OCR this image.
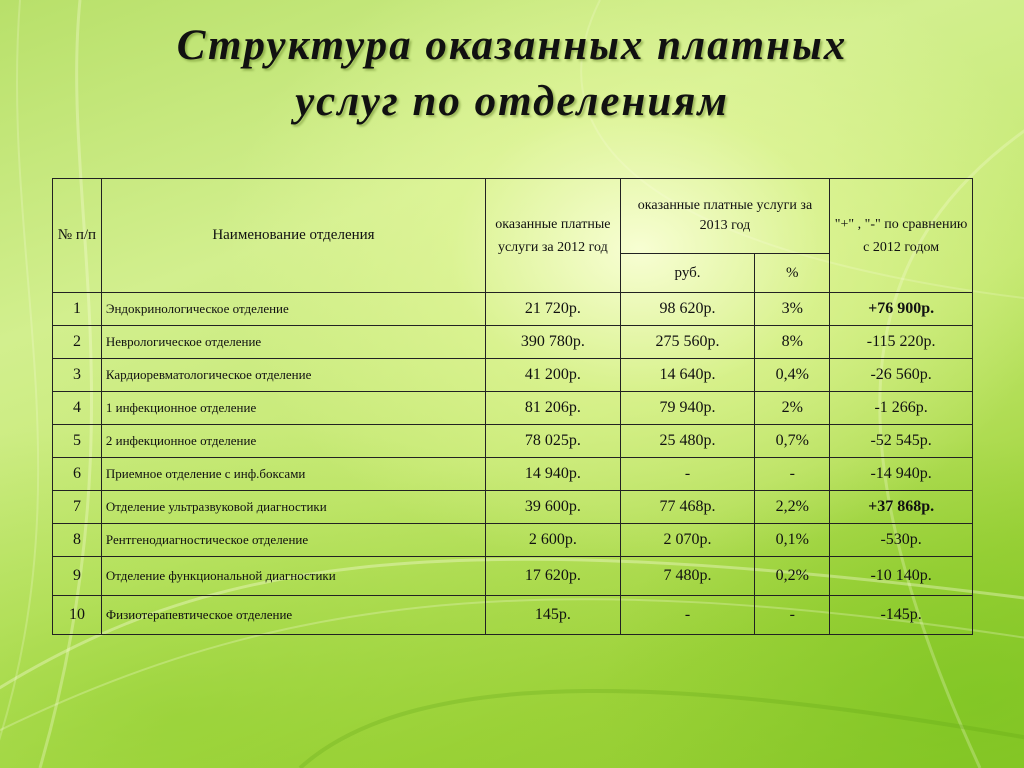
Структура оказанных платных
услуг по отделениям
№ п/п	Наименование отделения	оказанные платные услуги за 2012 год	оказанные платные услуги за 2013 год		"+" , "-" по сравнению с 2012 годом
			руб.	%	
1	Эндокринологическое отделение	21 720р.	98 620р.	3%	+76 900р.
2	Неврологическое отделение	390 780р.	275 560р.	8%	-115 220р.
3	Кардиоревматологическое отделение	41 200р.	14 640р.	0,4%	-26 560р.
4	1 инфекционное отделение	81 206р.	79 940р.	2%	-1 266р.
5	2 инфекционное отделение	78 025р.	25 480р.	0,7%	-52 545р.
6	Приемное отделение с инф.боксами	14 940р.	-	-	-14 940р.
7	Отделение ультразвуковой диагностики	39 600р.	77 468р.	2,2%	+37 868р.
8	Рентгенодиагностическое отделение	2 600р.	2 070р.	0,1%	-530р.
9	Отделение функциональной диагностики	17 620р.	7 480р.	0,2%	-10 140р.
10	Физиотерапевтическое отделение	145р.	-	-	-145р.
